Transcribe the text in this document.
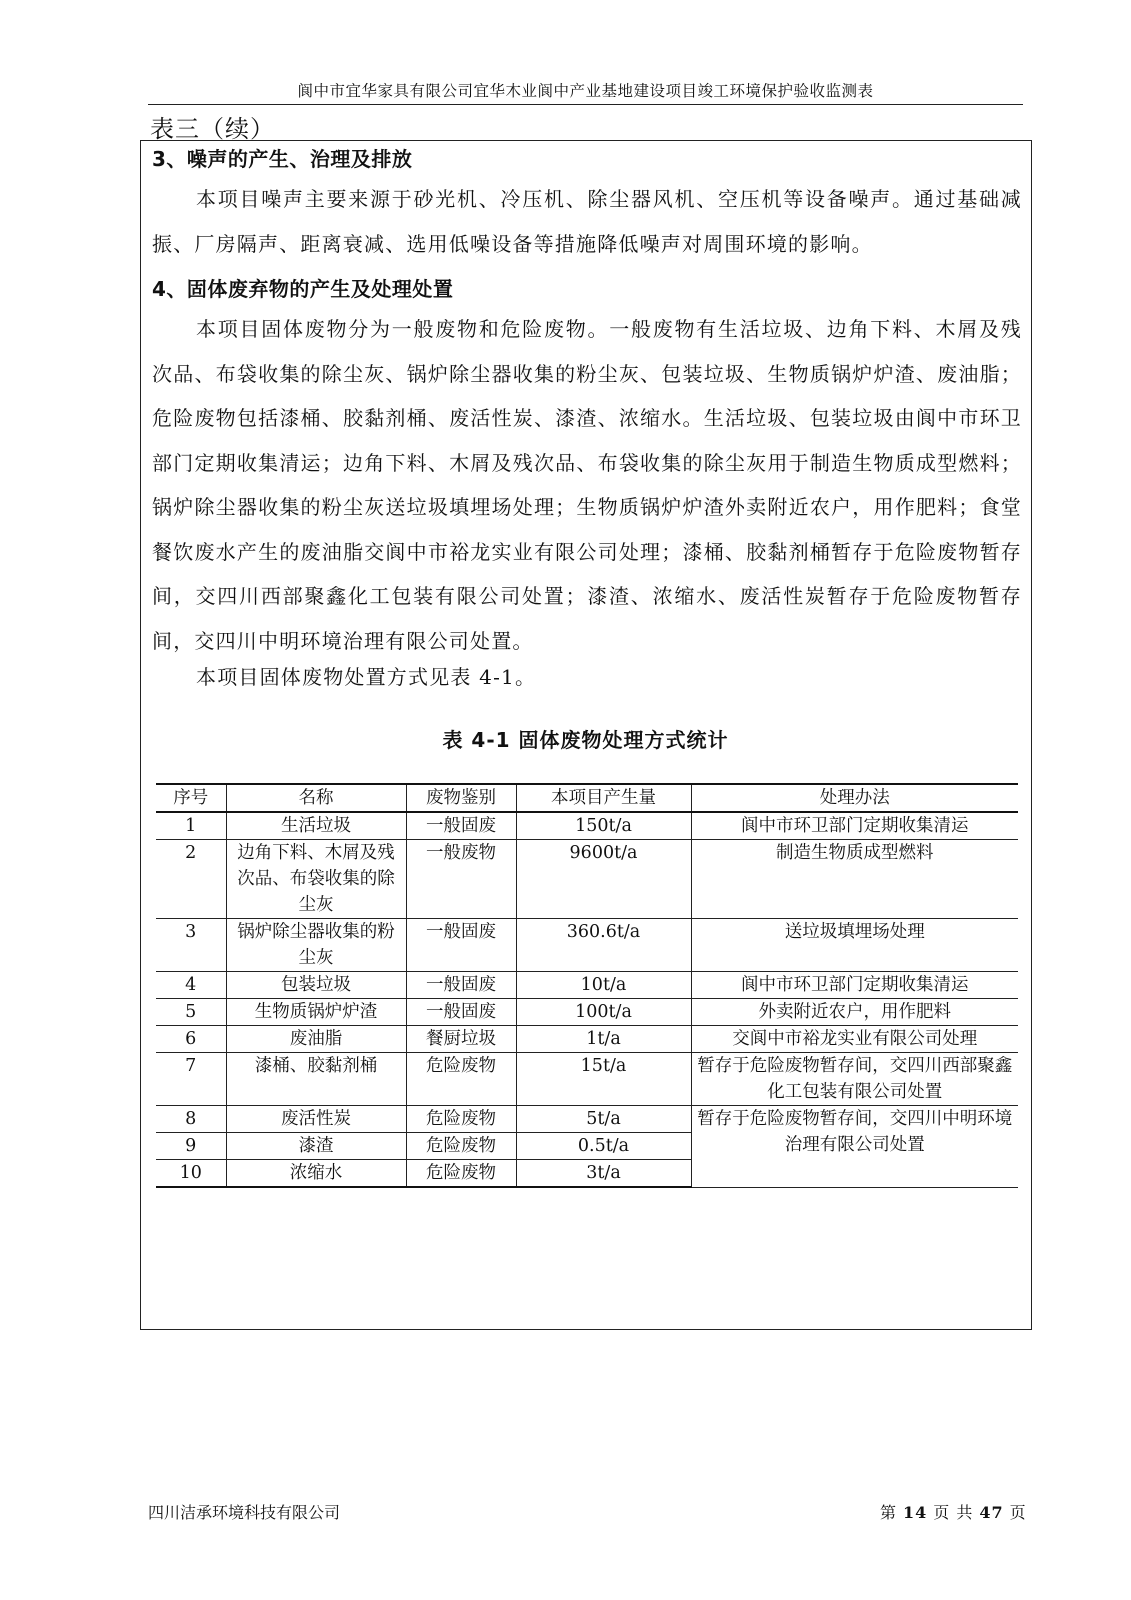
阆中市宜华家具有限公司宜华木业阆中产业基地建设项目竣工环境保护验收监测表
表三（续）
3、噪声的产生、治理及排放
本项目噪声主要来源于砂光机、冷压机、除尘器风机、空压机等设备噪声。通过基础减振、厂房隔声、距离衰减、选用低噪设备等措施降低噪声对周围环境的影响。
4、固体废弃物的产生及处理处置
本项目固体废物分为一般废物和危险废物。一般废物有生活垃圾、边角下料、木屑及残次品、布袋收集的除尘灰、锅炉除尘器收集的粉尘灰、包装垃圾、生物质锅炉炉渣、废油脂；危险废物包括漆桶、胶黏剂桶、废活性炭、漆渣、浓缩水。生活垃圾、包装垃圾由阆中市环卫部门定期收集清运；边角下料、木屑及残次品、布袋收集的除尘灰用于制造生物质成型燃料；锅炉除尘器收集的粉尘灰送垃圾填埋场处理；生物质锅炉炉渣外卖附近农户，用作肥料；食堂餐饮废水产生的废油脂交阆中市裕龙实业有限公司处理；漆桶、胶黏剂桶暂存于危险废物暂存间，交四川西部聚鑫化工包装有限公司处置；漆渣、浓缩水、废活性炭暂存于危险废物暂存间，交四川中明环境治理有限公司处置。
本项目固体废物处置方式见表 4-1。
表 4-1 固体废物处理方式统计
序号	名称	废物鉴别	本项目产生量	处理办法
1	生活垃圾	一般固废	150t/a	阆中市环卫部门定期收集清运
2	边角下料、木屑及残次品、布袋收集的除尘灰	一般废物	9600t/a	制造生物质成型燃料
3	锅炉除尘器收集的粉尘灰	一般固废	360.6t/a	送垃圾填埋场处理
4	包装垃圾	一般固废	10t/a	阆中市环卫部门定期收集清运
5	生物质锅炉炉渣	一般固废	100t/a	外卖附近农户，用作肥料
6	废油脂	餐厨垃圾	1t/a	交阆中市裕龙实业有限公司处理
7	漆桶、胶黏剂桶	危险废物	15t/a	暂存于危险废物暂存间，交四川西部聚鑫化工包装有限公司处置
8	废活性炭	危险废物	5t/a	暂存于危险废物暂存间，交四川中明环境治理有限公司处置
9	漆渣	危险废物	0.5t/a	
10	浓缩水	危险废物	3t/a	
四川洁承环境科技有限公司	第 14 页 共 47 页
